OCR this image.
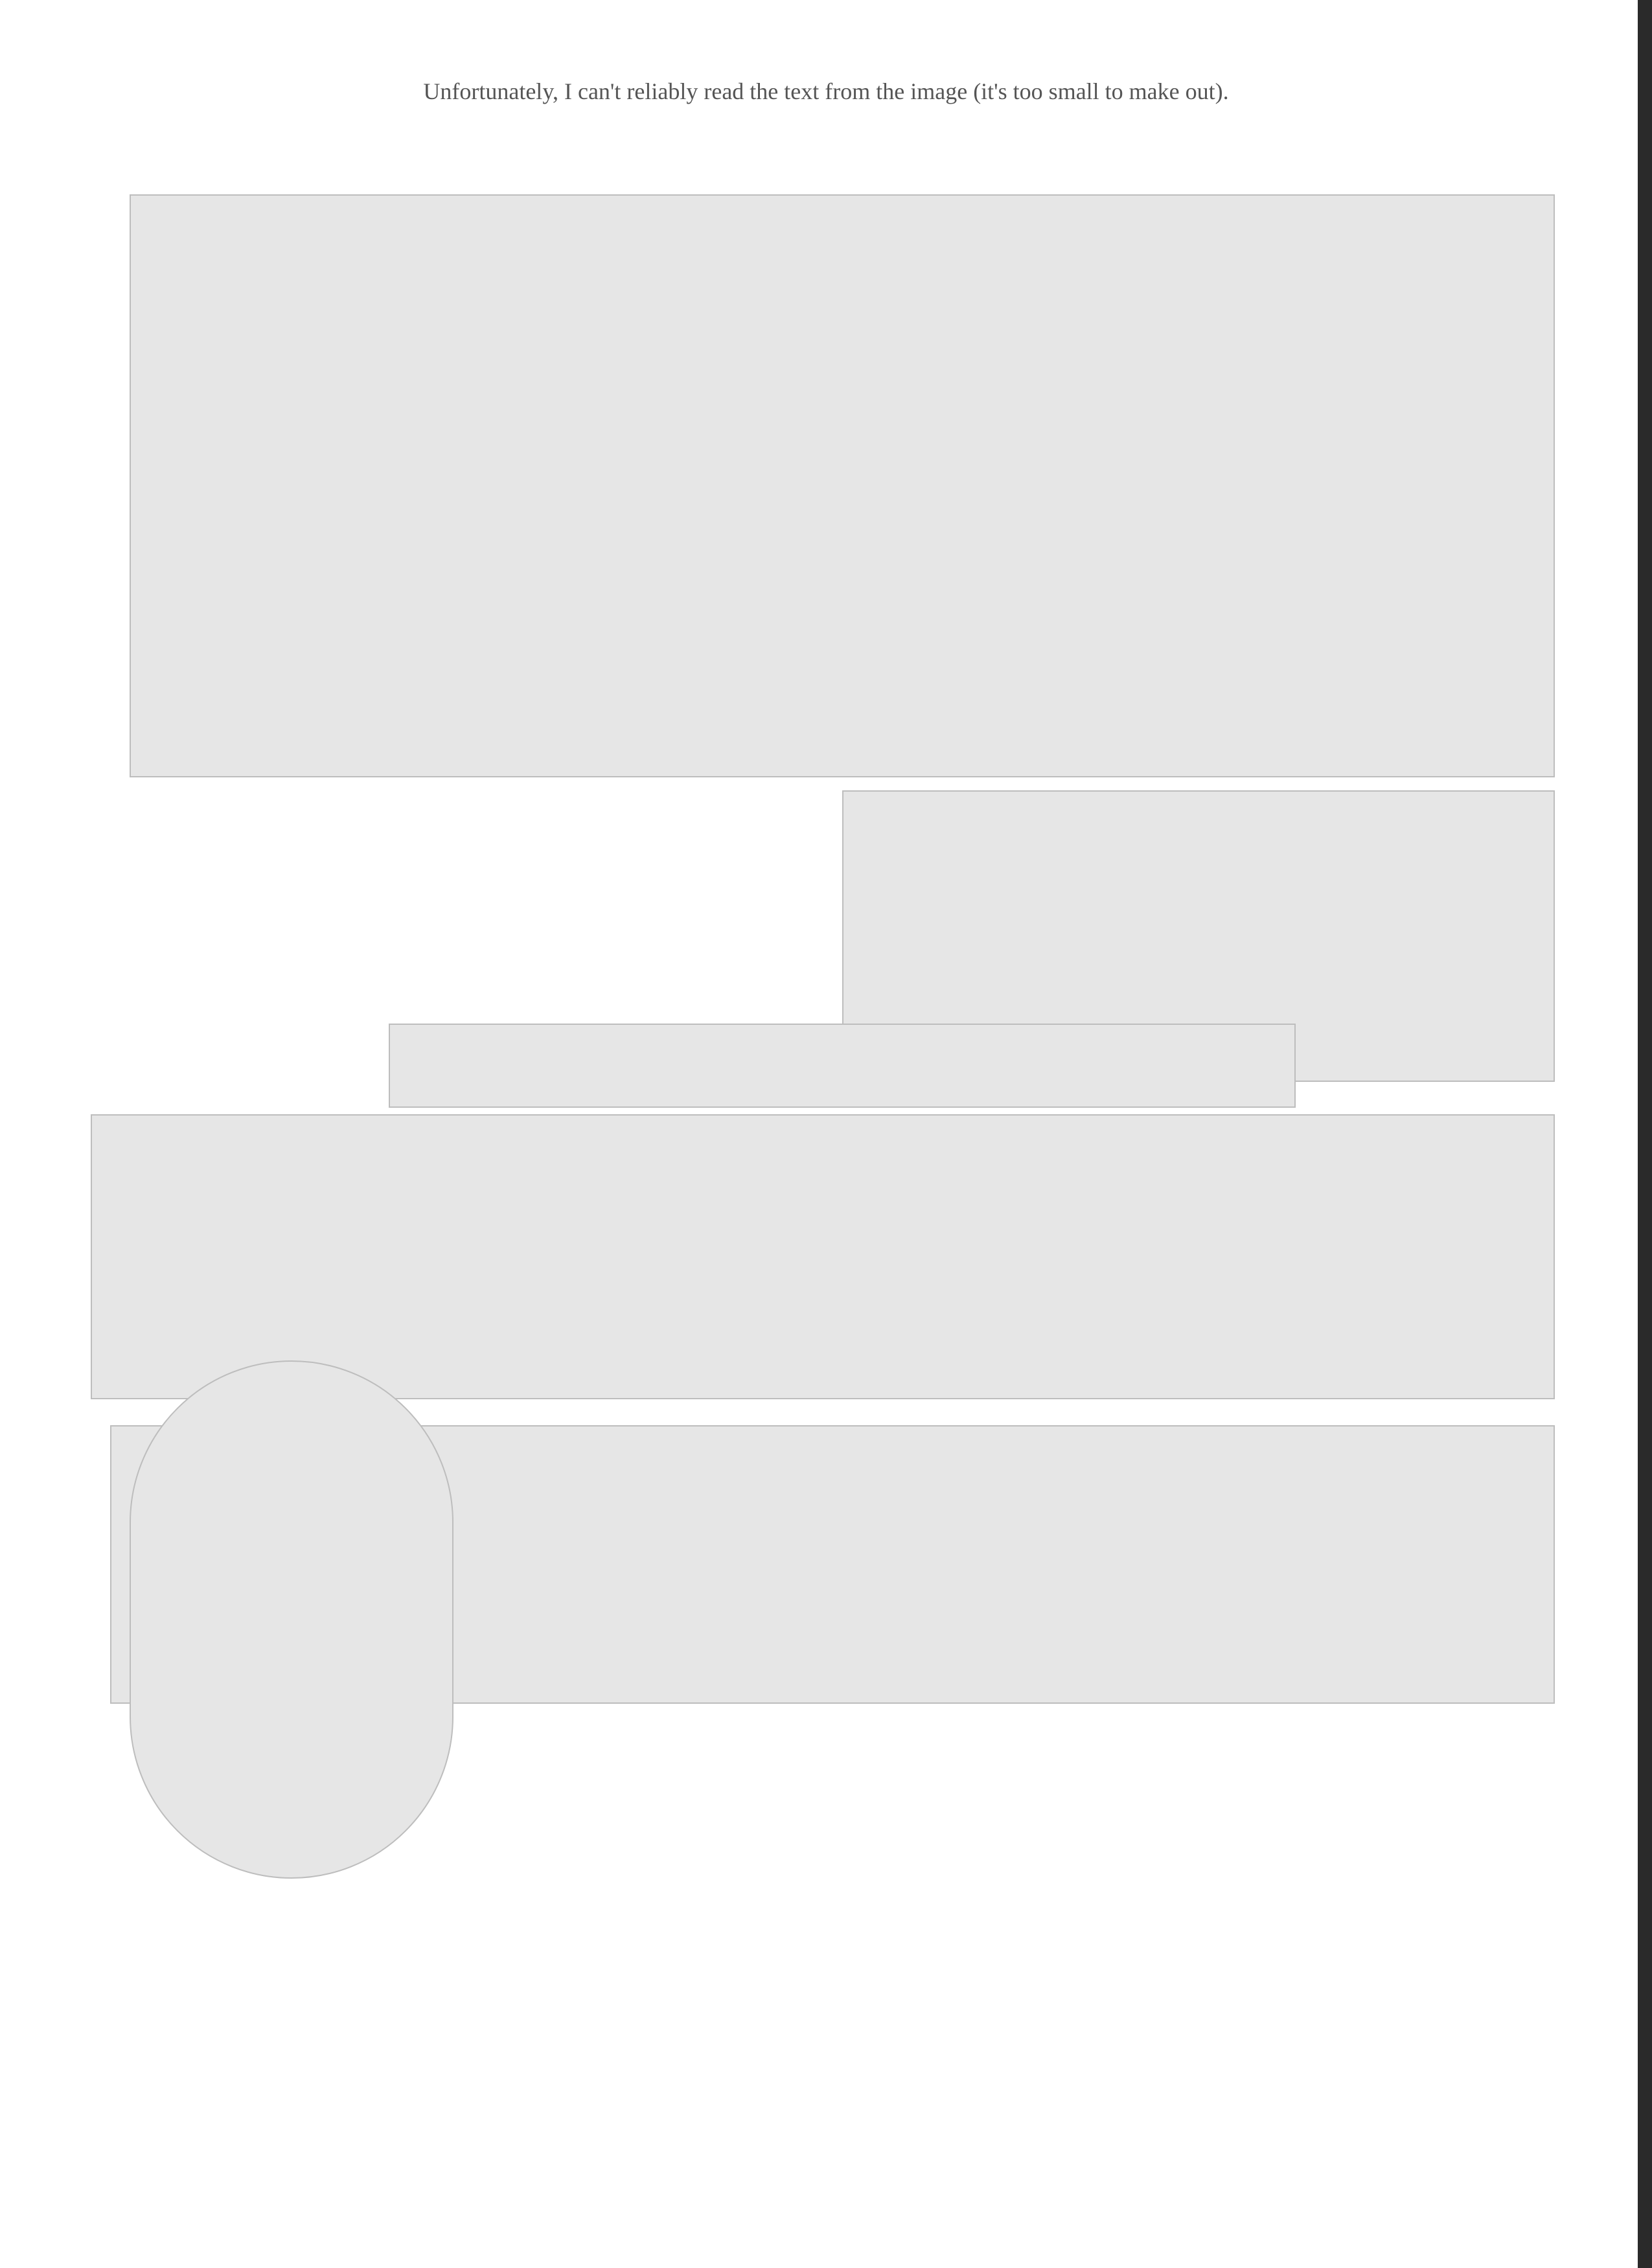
Unfortunately, I can't reliably read the text from the image (it's too small to make out).
